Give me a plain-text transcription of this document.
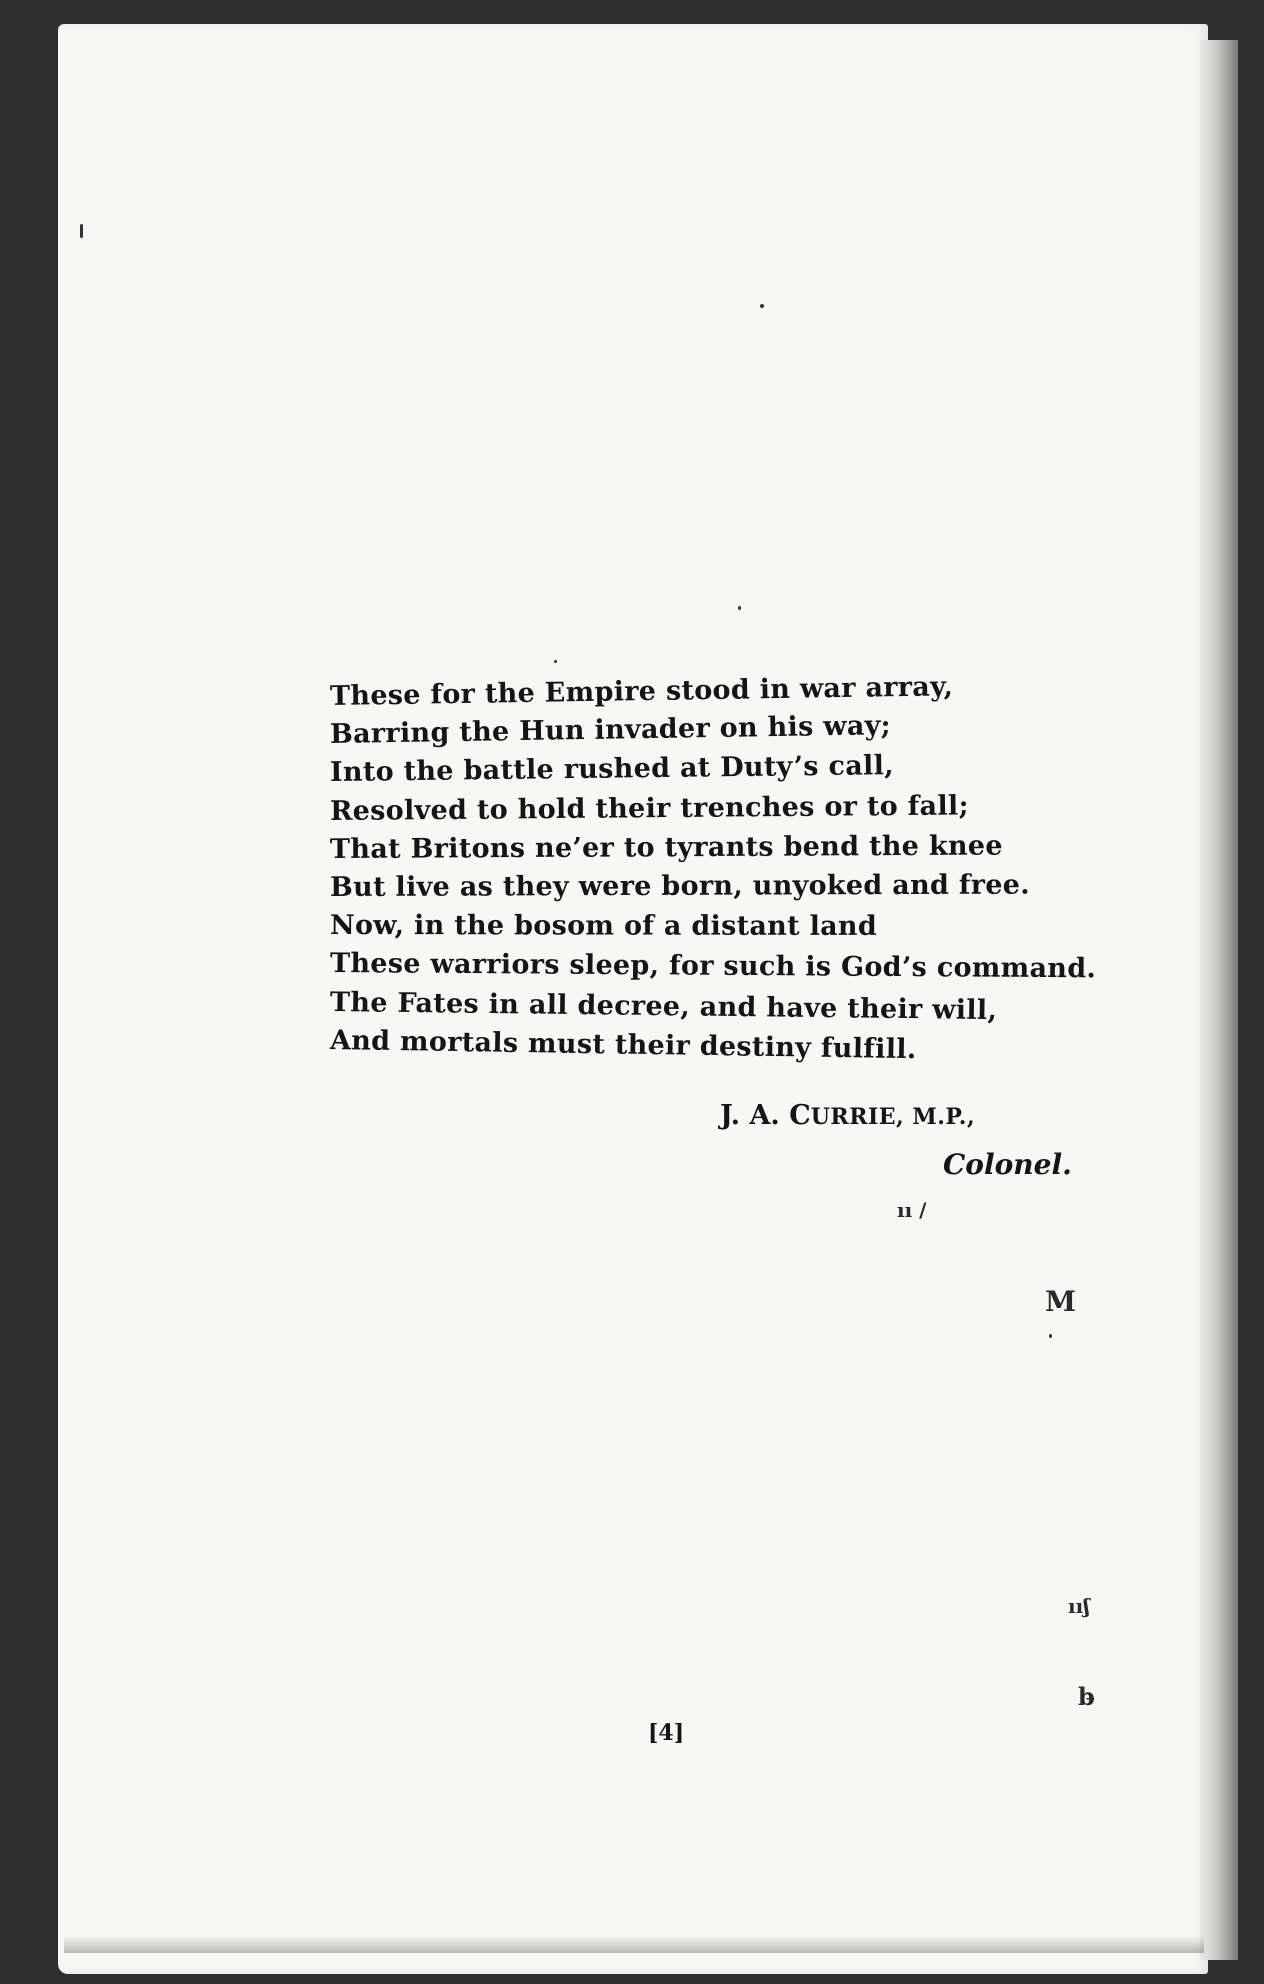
These for the Empire stood in war array,
Barring the Hun invader on his way;
Into the battle rushed at Duty’s call,
Resolved to hold their trenches or to fall;
That Britons ne’er to tyrants bend the knee
But live as they were born, unyoked and free.
Now, in the bosom of a distant land
These warriors sleep, for such is God’s command.
The Fates in all decree, and have their will,
And mortals must their destiny fulfill.
J. A. CURRIE, M.P.,
Colonel.
[4]
ıı /
M
ııʃ
b̵
